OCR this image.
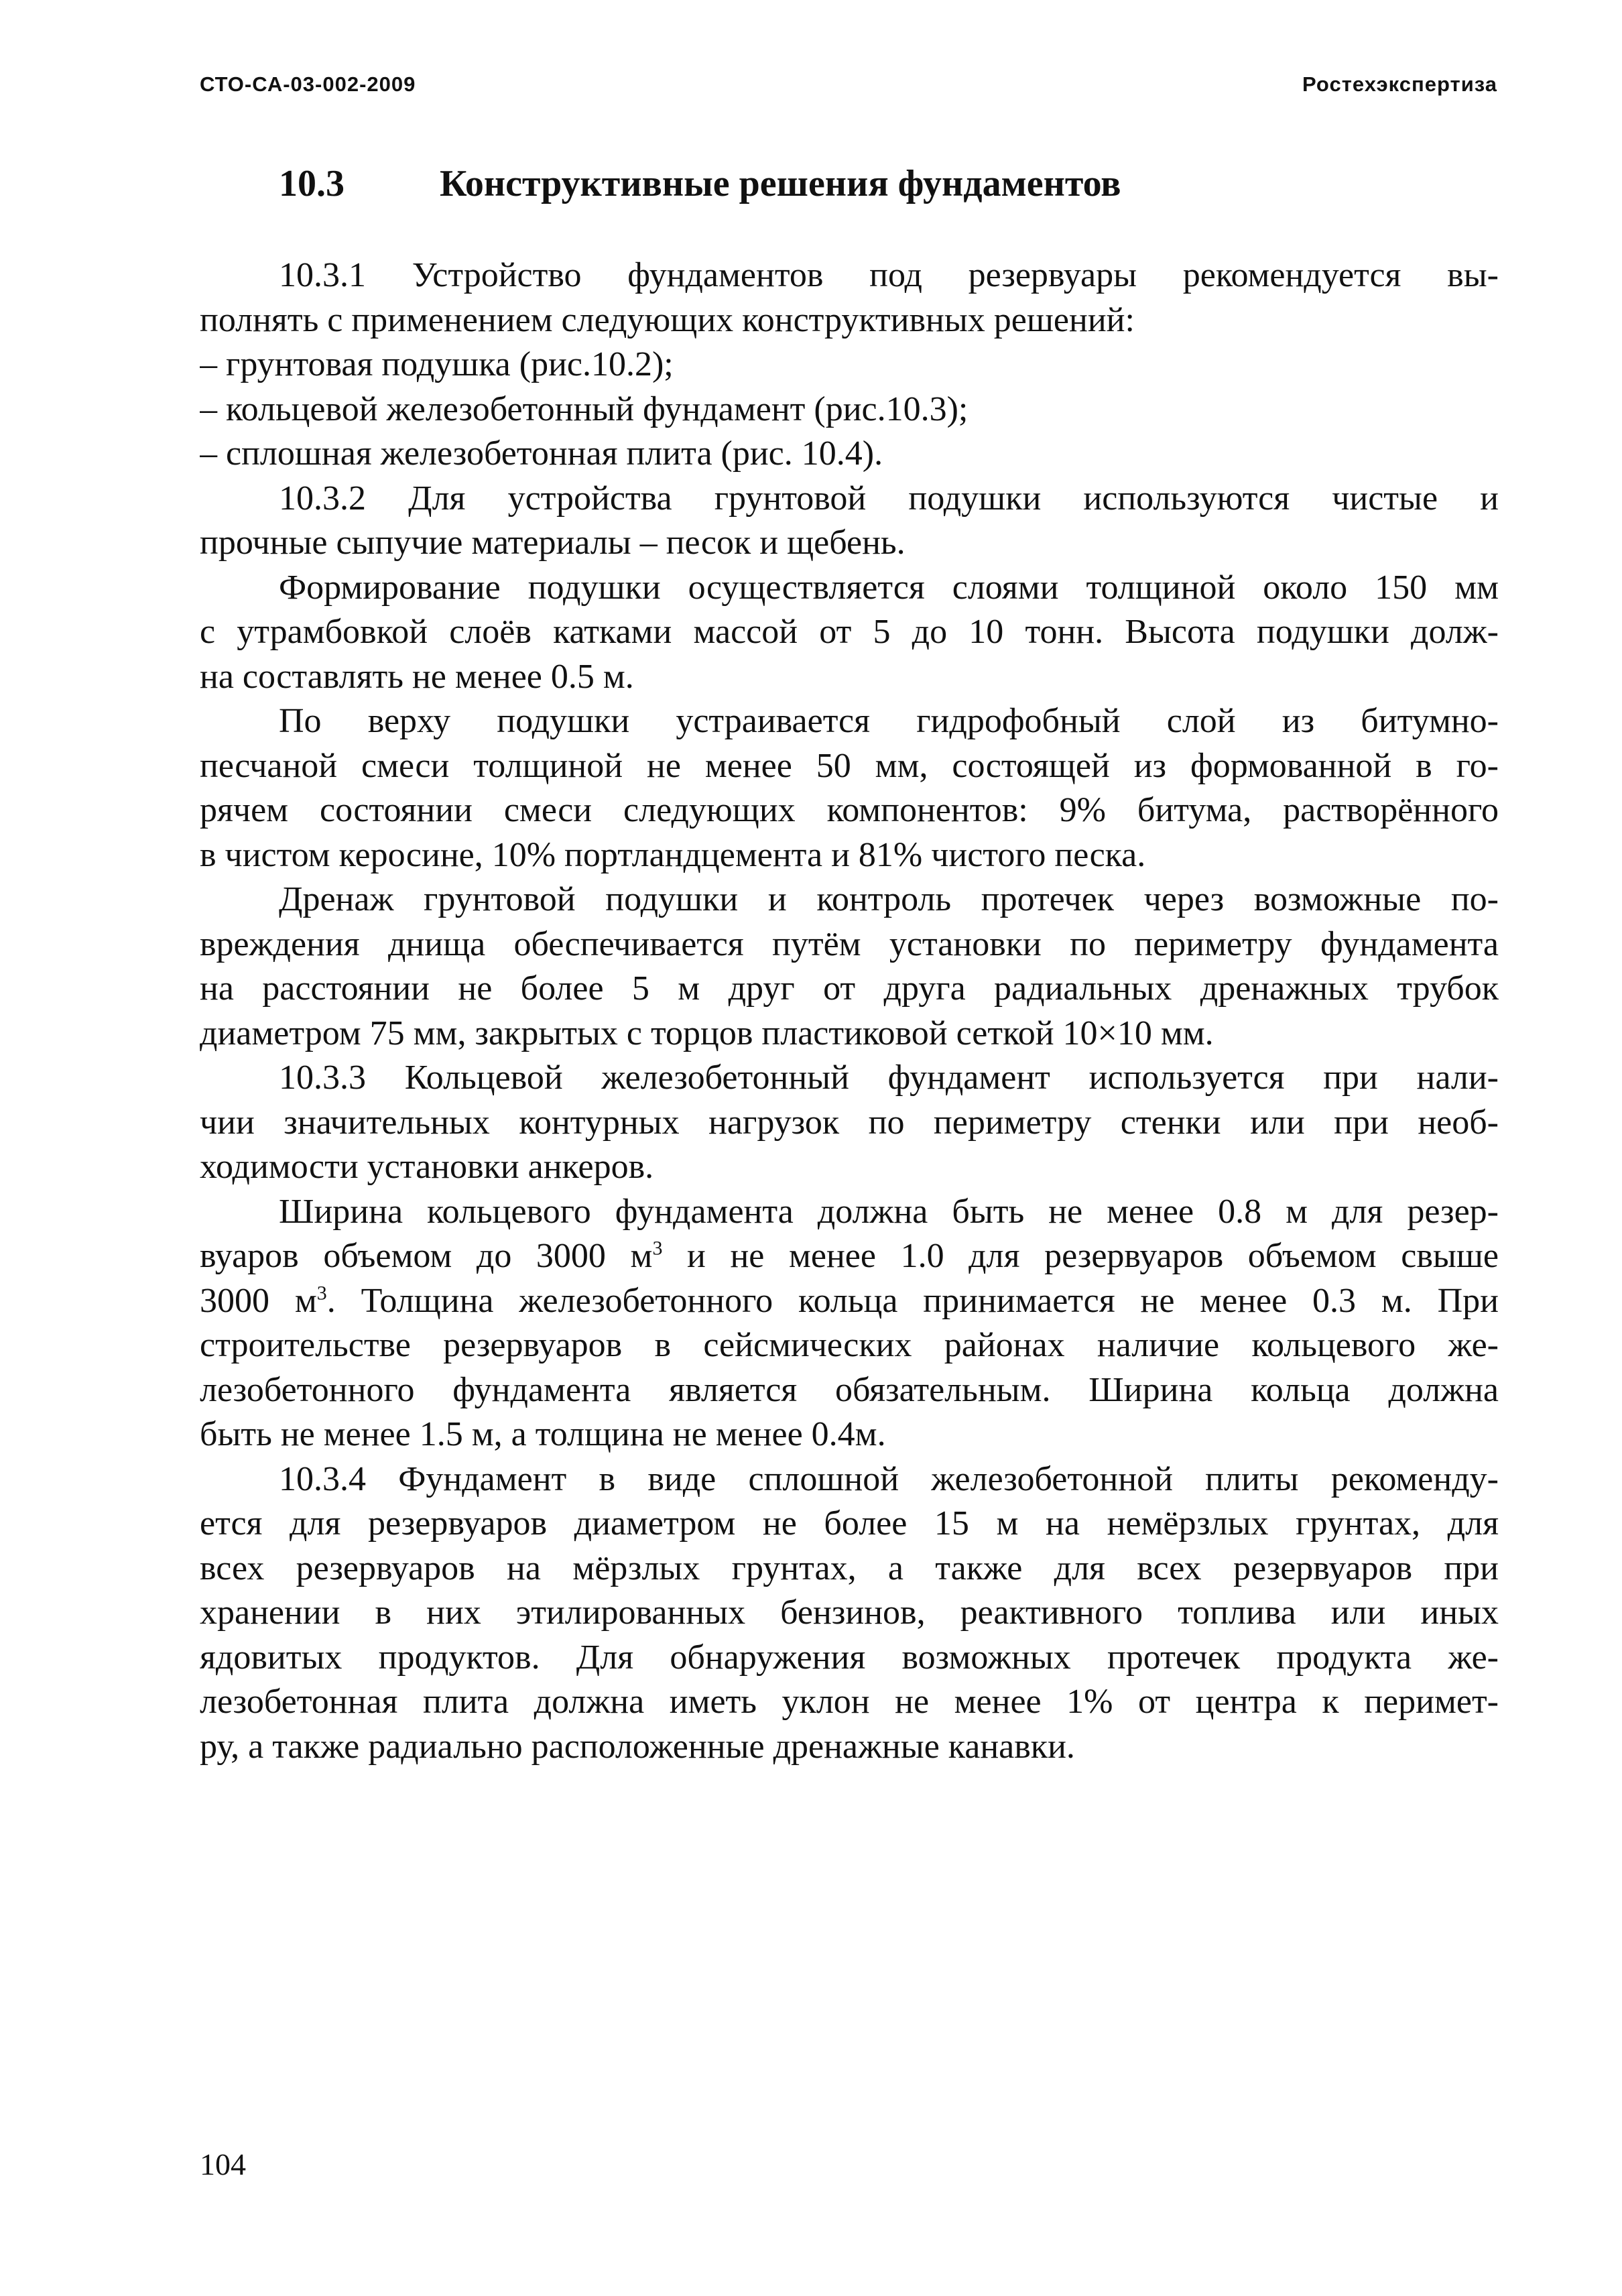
СТО-СА-03-002-2009	Ростехэкспертиза
10.3	Конструктивные решения фундаментов
10.3.1 Устройство фундаментов под резервуары рекомендуется вы-
полнять с применением следующих конструктивных решений:
– грунтовая подушка (рис.10.2);
– кольцевой железобетонный фундамент (рис.10.3);
– сплошная железобетонная плита (рис. 10.4).
10.3.2 Для устройства грунтовой подушки используются чистые и
прочные сыпучие материалы – песок и щебень.
Формирование подушки осуществляется слоями толщиной около 150 мм
с утрамбовкой слоёв катками массой от 5 до 10 тонн. Высота подушки долж-
на составлять не менее 0.5 м.
По верху подушки устраивается гидрофобный слой из битумно-
песчаной смеси толщиной не менее 50 мм, состоящей из формованной в го-
рячем состоянии смеси следующих компонентов: 9% битума, растворённого
в чистом керосине, 10% портландцемента и 81% чистого песка.
Дренаж грунтовой подушки и контроль протечек через возможные по-
вреждения днища обеспечивается путём установки по периметру фундамента
на расстоянии не более 5 м друг от друга радиальных дренажных трубок
диаметром 75 мм, закрытых с торцов пластиковой сеткой 10×10 мм.
10.3.3 Кольцевой железобетонный фундамент используется при нали-
чии значительных контурных нагрузок по периметру стенки или при необ-
ходимости установки анкеров.
Ширина кольцевого фундамента должна быть не менее 0.8 м для резер-
вуаров объемом до 3000 $м^3$ и не менее 1.0 для резервуаров объемом свыше
3000 $м^3$. Толщина железобетонного кольца принимается не менее 0.3 м. При
строительстве резервуаров в сейсмических районах наличие кольцевого же-
лезобетонного фундамента является обязательным. Ширина кольца должна
быть не менее 1.5 м, а толщина не менее 0.4м.
10.3.4 Фундамент в виде сплошной железобетонной плиты рекоменду-
ется для резервуаров диаметром не более 15 м на немёрзлых грунтах, для
всех резервуаров на мёрзлых грунтах, а также для всех резервуаров при
хранении в них этилированных бензинов, реактивного топлива или иных
ядовитых продуктов. Для обнаружения возможных протечек продукта же-
лезобетонная плита должна иметь уклон не менее 1% от центра к перимет-
ру, а также радиально расположенные дренажные канавки.
104
